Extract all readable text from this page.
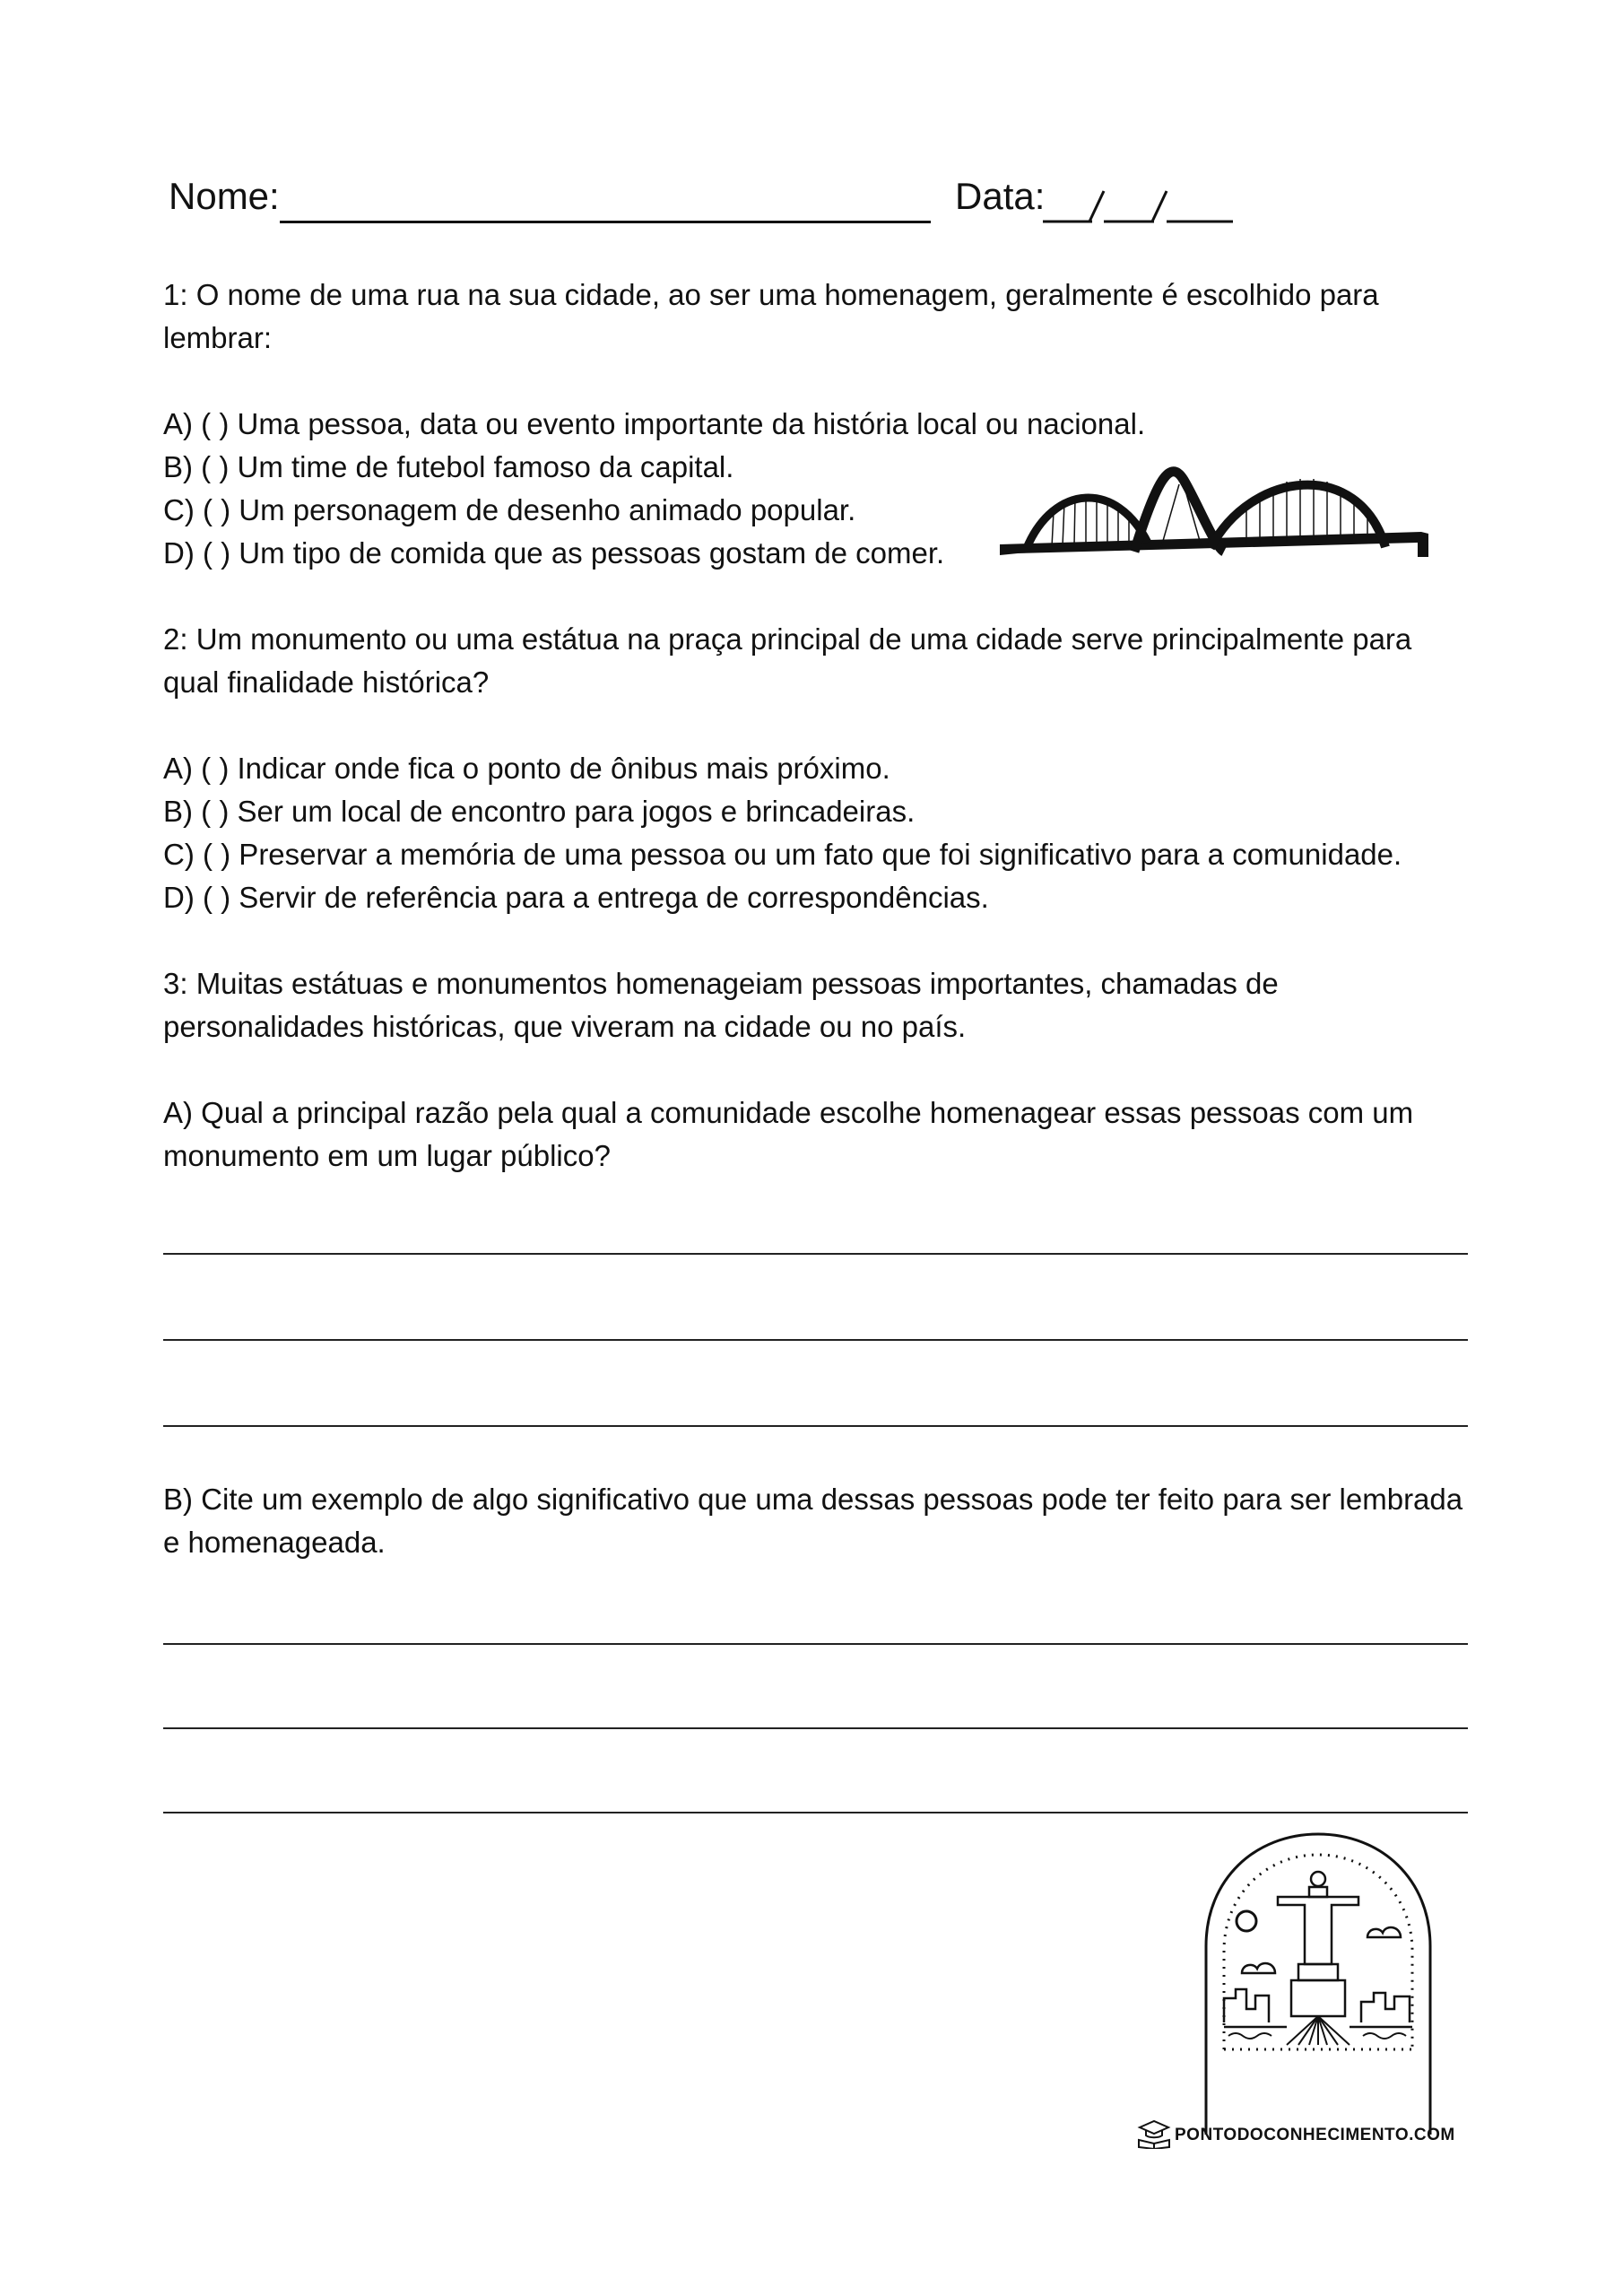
Nome:	Data:
1: O nome de uma rua na sua cidade, ao ser uma homenagem, geralmente é escolhido para lembrar:
A) ( ) Uma pessoa, data ou evento importante da história local ou nacional.
B) ( ) Um time de futebol famoso da capital.
C) ( ) Um personagem de desenho animado popular.
D) ( ) Um tipo de comida que as pessoas gostam de comer.
2: Um monumento ou uma estátua na praça principal de uma cidade serve principalmente para qual finalidade histórica?
A) ( ) Indicar onde fica o ponto de ônibus mais próximo.
B) ( ) Ser um local de encontro para jogos e brincadeiras.
C) ( ) Preservar a memória de uma pessoa ou um fato que foi significativo para a comunidade.
D) ( ) Servir de referência para a entrega de correspondências.
3: Muitas estátuas e monumentos homenageiam pessoas importantes, chamadas de personalidades históricas, que viveram na cidade ou no país.
A) Qual a principal razão pela qual a comunidade escolhe homenagear essas pessoas com um monumento em um lugar público?
B) Cite um exemplo de algo significativo que uma dessas pessoas pode ter feito para ser lembrada e homenageada.
PONTODOCONHECIMENTO.COM
